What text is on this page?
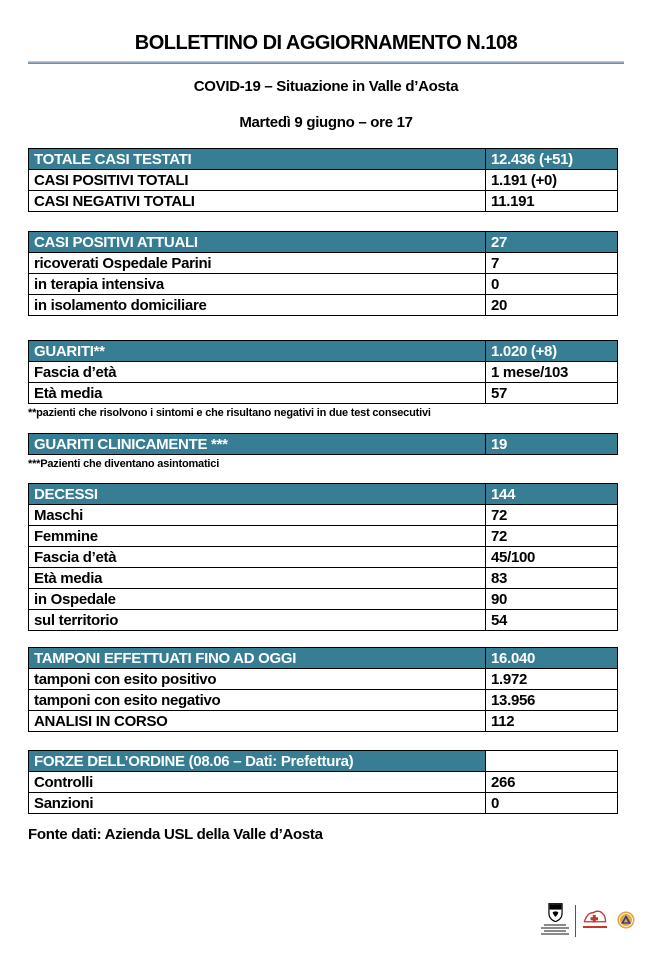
BOLLETTINO DI AGGIORNAMENTO N.108
COVID-19 – Situazione in Valle d’Aosta
Martedì 9 giugno – ore 17
TOTALE CASI TESTATI	12.436 (+51)
CASI POSITIVI TOTALI	1.191 (+0)
CASI NEGATIVI TOTALI	11.191
CASI POSITIVI ATTUALI	27
ricoverati Ospedale Parini	7
in terapia intensiva	0
in isolamento domiciliare	20
GUARITI**	1.020 (+8)
Fascia d’età	1 mese/103
Età media	57
**pazienti che risolvono i sintomi e che risultano negativi in due test consecutivi
GUARITI CLINICAMENTE ***	19
***Pazienti che diventano asintomatici
DECESSI	144
Maschi	72
Femmine	72
Fascia d’età	45/100
Età media	83
in Ospedale	90
sul territorio	54
TAMPONI EFFETTUATI FINO AD OGGI	16.040
tamponi con esito positivo	1.972
tamponi con esito negativo	13.956
ANALISI IN CORSO	112
FORZE DELL’ORDINE (08.06 – Dati: Prefettura)	
Controlli	266
Sanzioni	0
Fonte dati: Azienda USL della Valle d’Aosta
